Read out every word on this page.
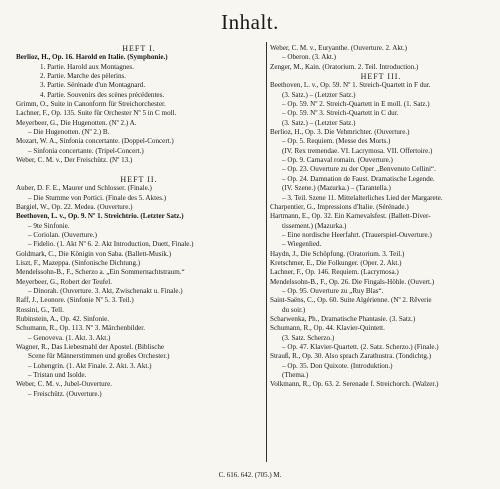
Inhalt.
HEFT I.
Berlioz, H., Op. 16. Harold en Italie. (Symphonie.)
1. Partie. Harold aux Montagnes.
2. Partie. Marche des pèlerins.
3. Partie. Sérénade d'un Montagnard.
4. Partie. Souvenirs des scènes précédentes.
Grimm, O., Suite in Canonform für Streichorchester.
Lachner, F., Op. 135. Suite für Orchester Nº 5 in C moll.
Meyerbeer, G., Die Hugenotten. (Nº 2.) A.
– Die Hugenotten. (Nº 2.) B.
Mozart, W. A., Sinfonia concertante. (Doppel-Concert.)
– Sinfonia concertante. (Tripel-Concert.)
Weber, C. M. v., Der Freischütz. (Nº 13.)
HEFT II.
Auber, D. F. E., Maurer und Schlosser. (Finale.)
– Die Stumme von Portici. (Finale des 5. Aktes.)
Bargiel, W., Op. 22. Medea. (Ouverture.)
Beethoven, L. v., Op. 9. Nº 1. Streichtrio. (Letzter Satz.)
– 9te Sinfonie.
– Coriolan. (Ouverture.)
– Fidelio. (1. Akt Nº 6. 2. Akt Introduction, Duett, Finale.)
Goldmark, C., Die Königin von Saba. (Ballett-Musik.)
Liszt, F., Mazeppa. (Sinfonische Dichtung.)
Mendelssohn-B., F., Scherzo a. „Ein Sommernachtstraum.“
Meyerbeer, G., Robert der Teufel.
– Dinorah. (Ouverture. 3. Akt, Zwischenakt u. Finale.)
Raff, J., Leonore. (Sinfonie Nº 5. 3. Teil.)
Rossini, G., Tell.
Rubinstein, A., Op. 42. Sinfonie.
Schumann, R., Op. 113. Nº 3. Märchenbilder.
– Genoveva. (1. Akt. 3. Akt.)
Wagner, R., Das Liebesmahl der Apostel. (Biblische
Scene für Männerstimmen und großes Orchester.)
– Lohengrin. (1. Akt Finale. 2. Akt. 3. Akt.)
– Tristan und Isolde.
Weber, C. M. v., Jubel-Ouverture.
– Freischütz. (Ouverture.)
Weber, C. M. v., Euryanthe. (Ouverture. 2. Akt.)
– Oberon. (3. Akt.)
Zenger, M., Kain. (Oratorium. 2. Teil. Introduction.)
HEFT III.
Beethoven, L. v., Op. 59. Nº 1. Streich-Quartett in F dur.
(3. Satz.) – (Letzter Satz.)
– Op. 59. Nº 2. Streich-Quartett in E moll. (1. Satz.)
– Op. 59. Nº 3. Streich-Quartett in C dur.
(3. Satz.) – (Letzter Satz.)
Berlioz, H., Op. 3. Die Vehmrichter. (Ouverture.)
– Op. 5. Requiem. (Messe des Morts.)
(IV. Rex tremendae. VI. Lacrymosa. VII. Offertoire.)
– Op. 9. Carnaval romain. (Ouverture.)
– Op. 23. Ouverture zu der Oper „Benvenuto Cellini“.
– Op. 24. Damnation de Faust. Dramatische Legende.
(IV. Szene.) (Mazurka.) – (Tarantella.)
– 3. Teil. Szene 11. Mittelalterliches Lied der Margarete.
Charpentier, G., Impressions d'Italie. (Sérénade.)
Hartmann, E., Op. 32. Ein Karnevalsfest. (Ballett-Diver-
tissement.) (Mazurka.)
– Eine nordische Heerfahrt. (Trauerspiel-Ouverture.)
– Wiegenlied.
Haydn, J., Die Schöpfung. (Oratorium. 3. Teil.)
Kretschmer, E., Die Folkunger. (Oper. 2. Akt.)
Lachner, F., Op. 146. Requiem. (Lacrymosa.)
Mendelssohn-B., F., Op. 26. Die Fingals-Höhle. (Ouvert.)
– Op. 95. Ouverture zu „Ruy Blas“.
Saint-Saëns, C., Op. 60. Suite Algérienne. (Nº 2. Rêverie
du soir.)
Scharwenka, Ph., Dramatische Phantasie. (3. Satz.)
Schumann, R., Op. 44. Klavier-Quintett.
(3. Satz. Scherzo.)
– Op. 47. Klavier-Quartett. (2. Satz. Scherzo.) (Finale.)
Strauß, R., Op. 30. Also sprach Zarathustra. (Tondichtg.)
– Op. 35. Don Quixote. (Introduktion.)
(Thema.)
Volkmann, R., Op. 63. 2. Serenade f. Streichorch. (Walzer.)
C. 616. 642. (705.) M.
